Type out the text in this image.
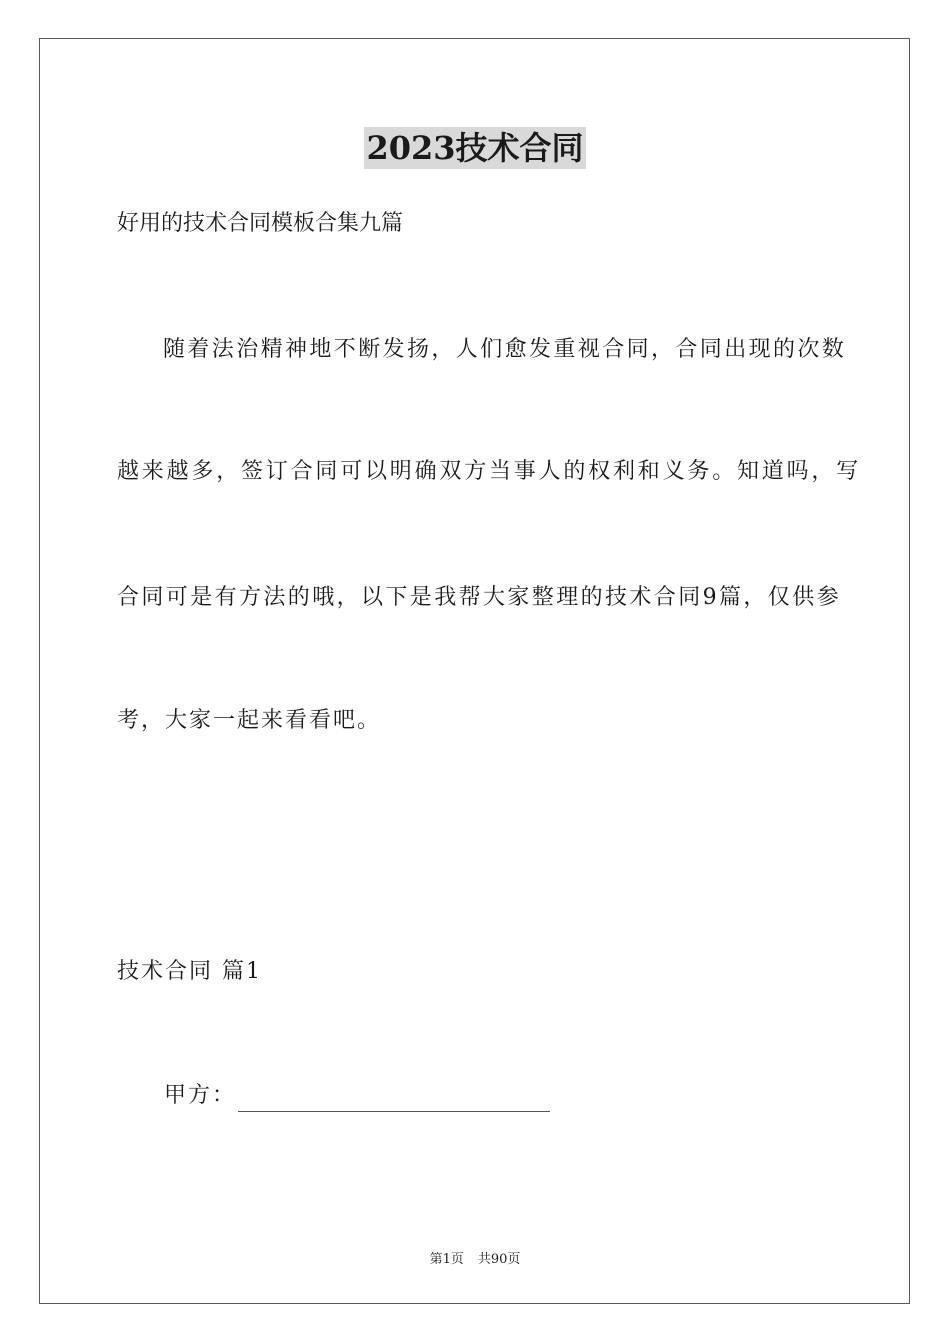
2023技术合同

好用的技术合同模板合集九篇

随着法治精神地不断发扬，人们愈发重视合同，合同出现的次数

越来越多，签订合同可以明确双方当事人的权利和义务。知道吗，写

合同可是有方法的哦，以下是我帮大家整理的技术合同9篇，仅供参

考，大家一起来看看吧。

技术合同 篇1

甲方：

第1页 共90页
